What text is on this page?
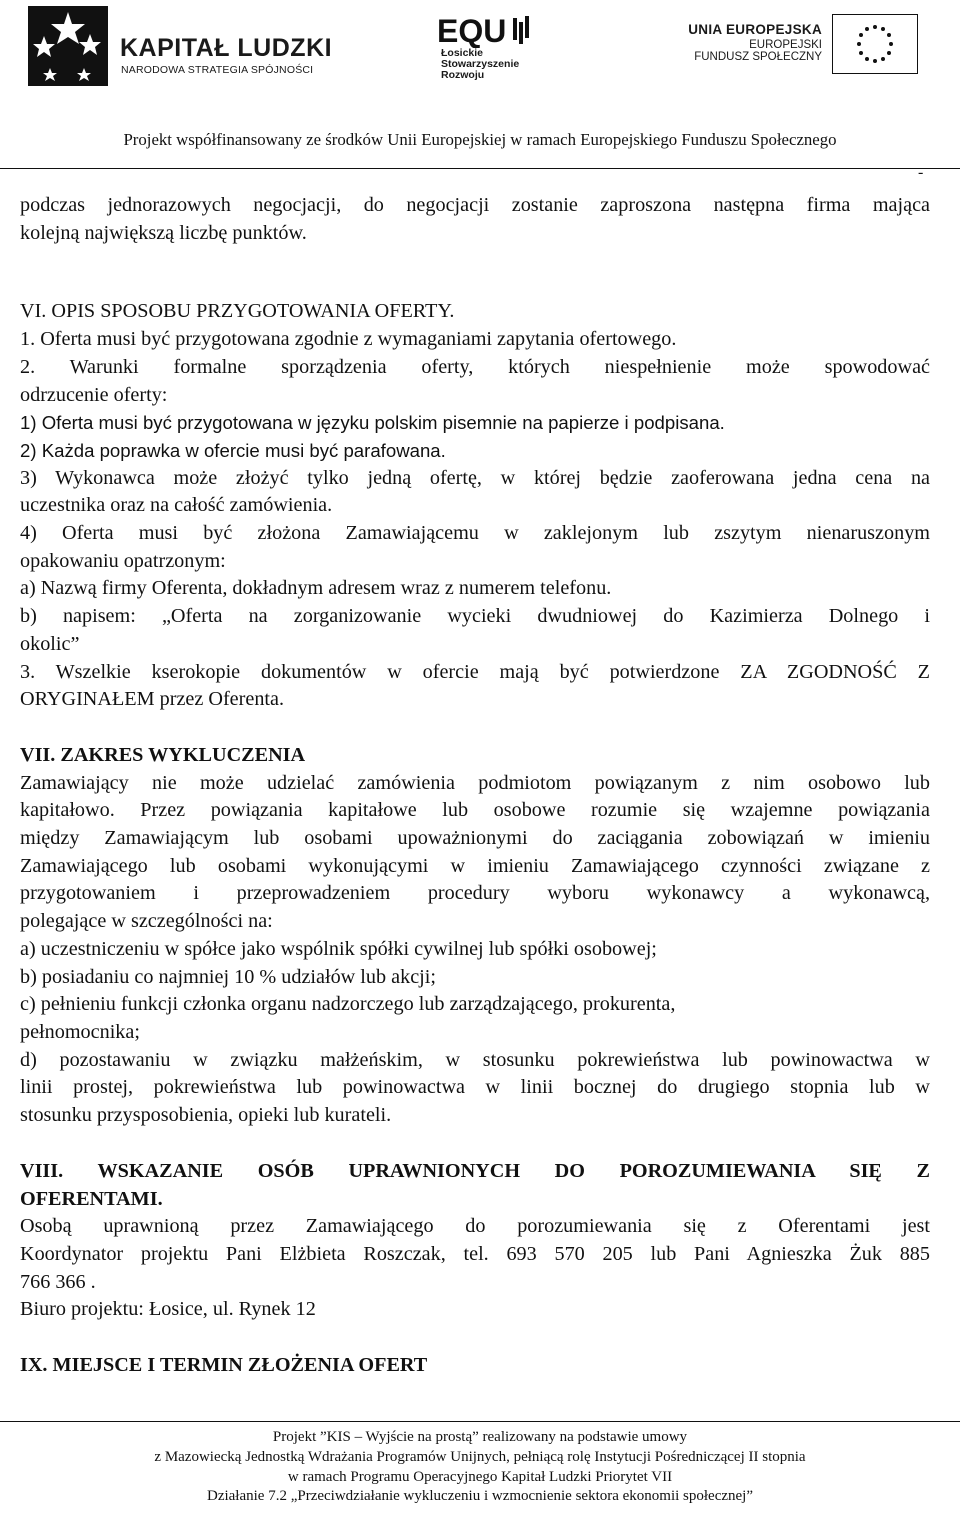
KAPITAŁ LUDZKI
NARODOWA STRATEGIA SPÓJNOŚCI
EQU
Łosickie
Stowarzyszenie
Rozwoju
UNIA EUROPEJSKA
EUROPEJSKI
FUNDUSZ SPOŁECZNY
Projekt współfinansowany ze środków Unii Europejskiej w ramach Europejskiego Funduszu Społecznego
-

podczas jednorazowych negocjacji, do negocjacji zostanie zaproszona następna firma mająca

kolejną największą liczbę punktów.

VI. OPIS SPOSOBU PRZYGOTOWANIA OFERTY.

1. Oferta musi być przygotowana zgodnie z wymaganiami zapytania ofertowego.

2. Warunki formalne sporządzenia oferty, których niespełnienie może spowodować

odrzucenie oferty:

1) Oferta musi być przygotowana w języku polskim pisemnie na papierze i podpisana.

2) Każda poprawka w ofercie musi być parafowana.

3) Wykonawca może złożyć tylko jedną ofertę, w której będzie zaoferowana jedna cena na

uczestnika oraz na całość zamówienia.

4) Oferta musi być złożona Zamawiającemu w zaklejonym lub zszytym nienaruszonym

opakowaniu opatrzonym:

a) Nazwą firmy Oferenta, dokładnym adresem wraz z numerem telefonu.

b) napisem: „Oferta na zorganizowanie wycieki dwudniowej do Kazimierza Dolnego i

okolic”

3. Wszelkie kserokopie dokumentów w ofercie mają być potwierdzone ZA ZGODNOŚĆ Z

ORYGINAŁEM przez Oferenta.

VII. ZAKRES WYKLUCZENIA

Zamawiający nie może udzielać zamówienia podmiotom powiązanym z nim osobowo lub

kapitałowo. Przez powiązania kapitałowe lub osobowe rozumie się wzajemne powiązania

między Zamawiającym lub osobami upoważnionymi do zaciągania zobowiązań w imieniu

Zamawiającego lub osobami wykonującymi w imieniu Zamawiającego czynności związane z

przygotowaniem i przeprowadzeniem procedury wyboru wykonawcy a wykonawcą,

polegające w szczególności na:

a) uczestniczeniu w spółce jako wspólnik spółki cywilnej lub spółki osobowej;

b) posiadaniu co najmniej 10 % udziałów lub akcji;

c) pełnieniu funkcji członka organu nadzorczego lub zarządzającego, prokurenta,

pełnomocnika;

d) pozostawaniu w związku małżeńskim, w stosunku pokrewieństwa lub powinowactwa w

linii prostej, pokrewieństwa lub powinowactwa w linii bocznej do drugiego stopnia lub w

stosunku przysposobienia, opieki lub kurateli.

VIII. WSKAZANIE OSÓB UPRAWNIONYCH DO POROZUMIEWANIA SIĘ Z

OFERENTAMI.

Osobą uprawnioną przez Zamawiającego do porozumiewania się z Oferentami jest

Koordynator projektu Pani Elżbieta Roszczak, tel. 693 570 205 lub Pani Agnieszka Żuk 885

766 366 .

Biuro projektu: Łosice, ul. Rynek 12

IX. MIEJSCE I TERMIN ZŁOŻENIA OFERT

Projekt ”KIS – Wyjście na prostą” realizowany na podstawie umowy
z Mazowiecką Jednostką Wdrażania Programów Unijnych, pełniącą rolę Instytucji Pośredniczącej II stopnia
w ramach Programu Operacyjnego Kapitał Ludzki Priorytet VII
Działanie 7.2 „Przeciwdziałanie wykluczeniu i wzmocnienie sektora ekonomii społecznej”
